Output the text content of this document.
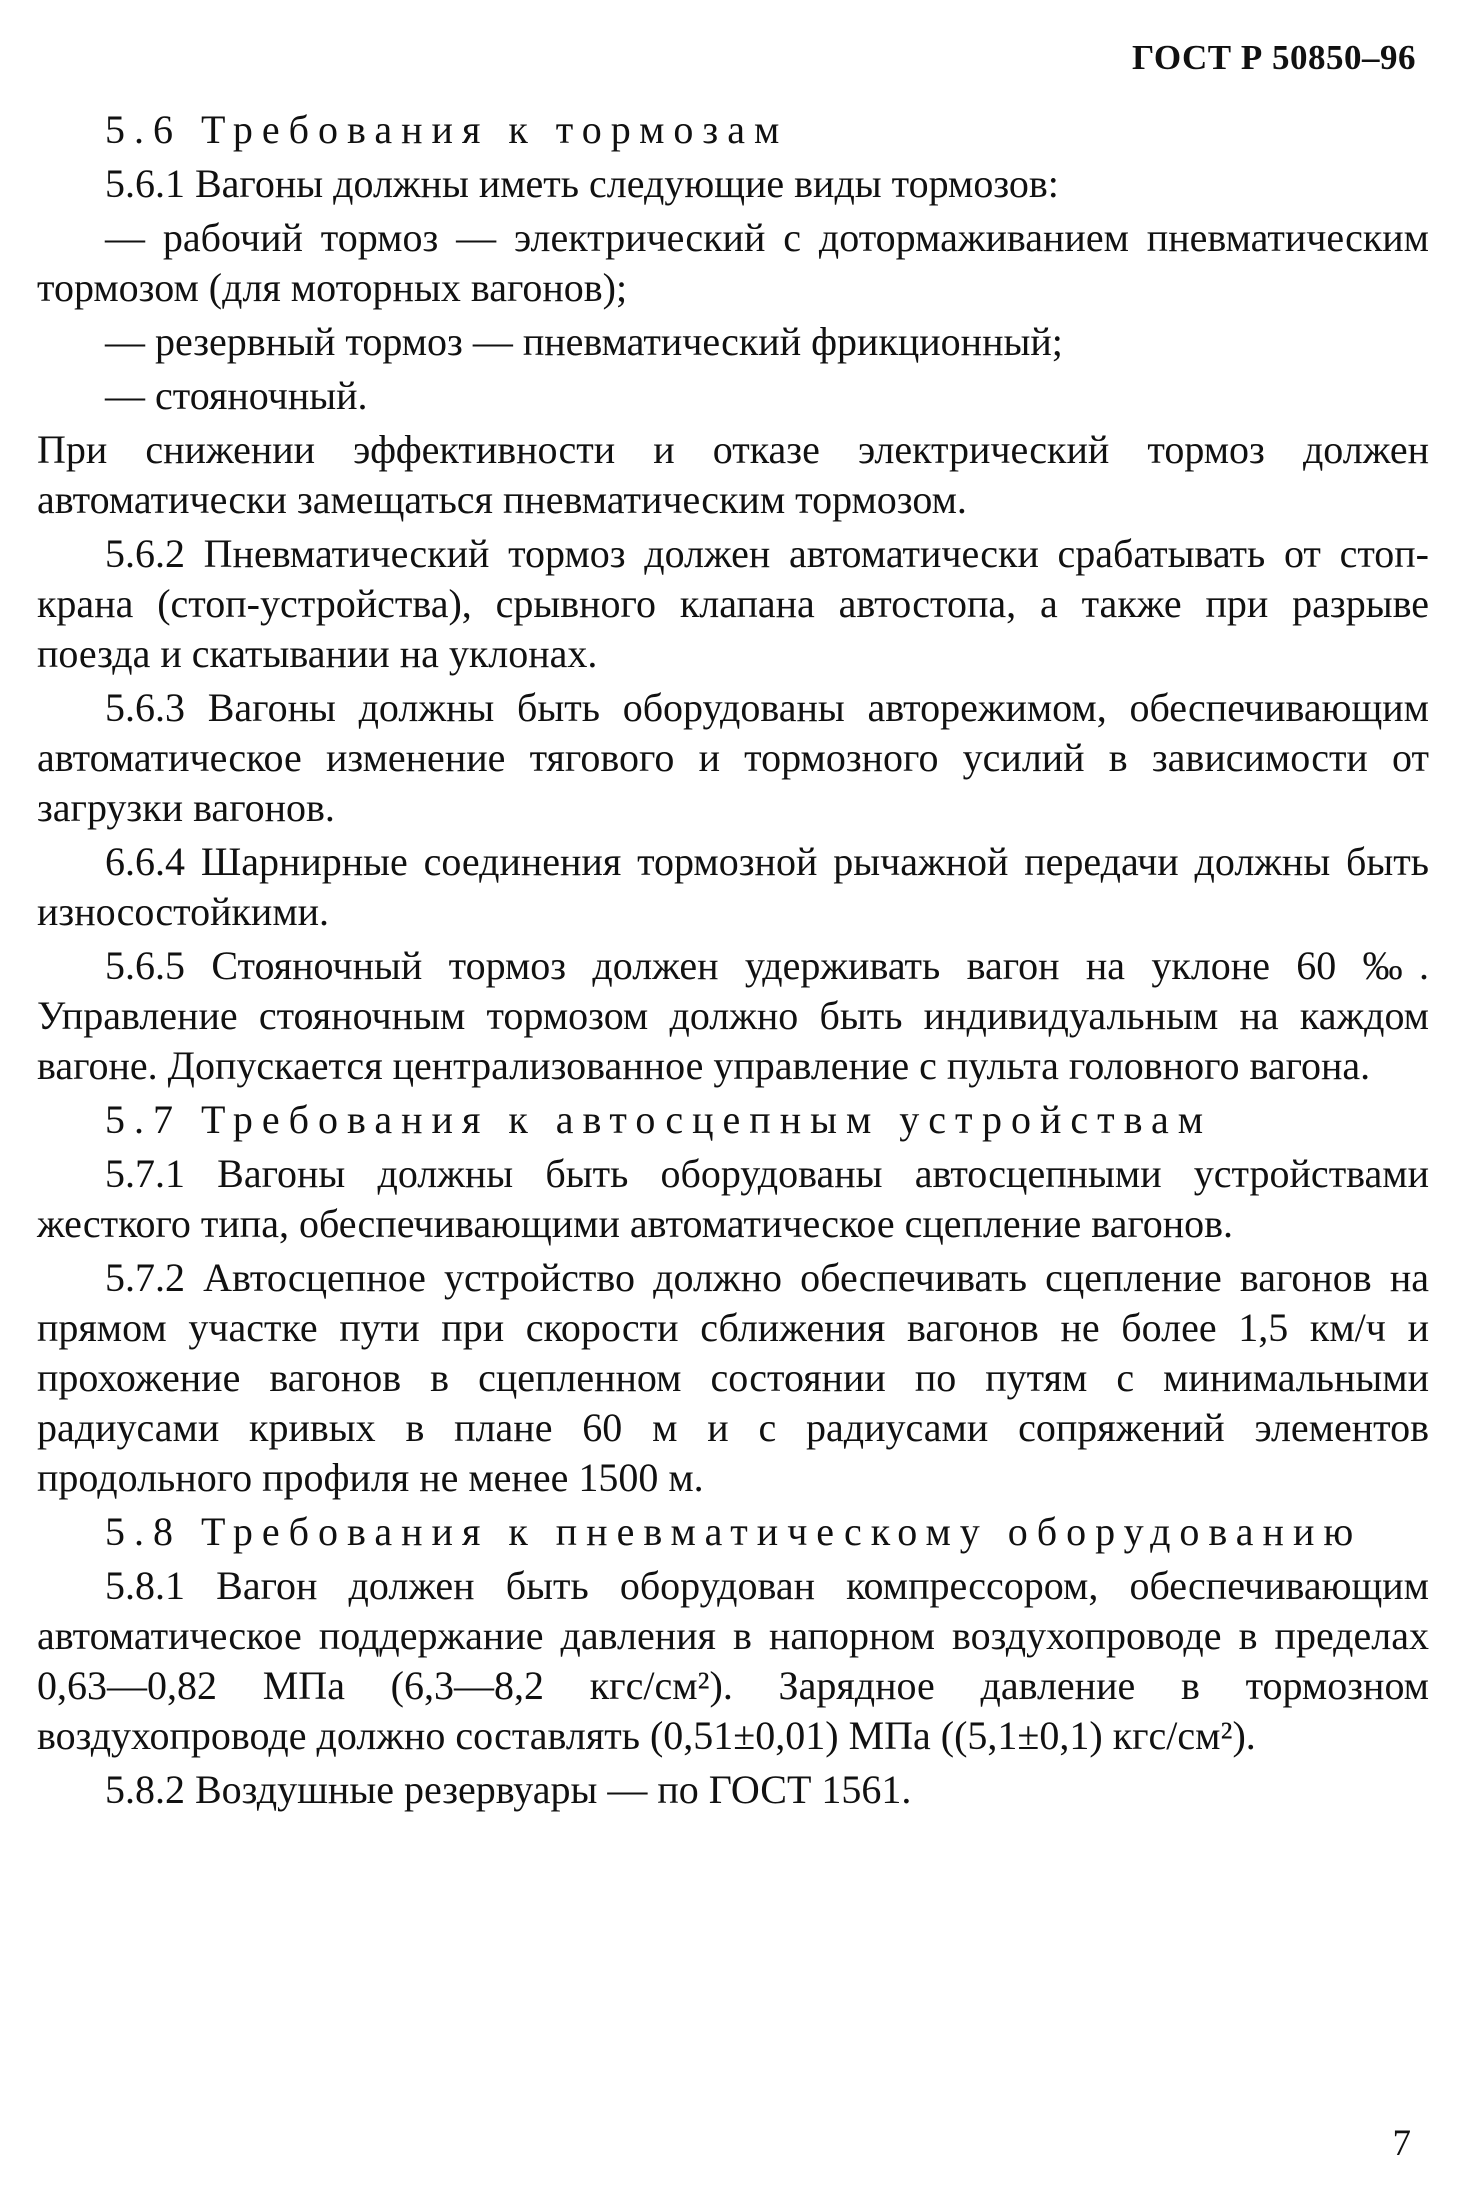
ГОСТ Р 50850–96

5.6 Требования к тормозам

5.6.1 Вагоны должны иметь следующие виды тормозов:

— рабочий тормоз — электрический с дотормаживанием пневматическим тормозом (для моторных вагонов);

— резервный тормоз — пневматический фрикционный;

— стояночный.

При снижении эффективности и отказе электрический тормоз должен автоматически замещаться пневматическим тормозом.

5.6.2 Пневматический тормоз должен автоматически срабатывать от стоп-крана (стоп-устройства), срывного клапана автостопа, а также при разрыве поезда и скатывании на уклонах.

5.6.3 Вагоны должны быть оборудованы авторежимом, обеспечивающим автоматическое изменение тягового и тормозного усилий в зависимости от загрузки вагонов.

6.6.4 Шарнирные соединения тормозной рычажной передачи должны быть износостойкими.

5.6.5 Стояночный тормоз должен удерживать вагон на уклоне 60 ‰. Управление стояночным тормозом должно быть индивидуальным на каждом вагоне. Допускается централизованное управление с пульта головного вагона.

5.7 Требования к автосцепным устройствам

5.7.1 Вагоны должны быть оборудованы автосцепными устройствами жесткого типа, обеспечивающими автоматическое сцепление вагонов.

5.7.2 Автосцепное устройство должно обеспечивать сцепление вагонов на прямом участке пути при скорости сближения вагонов не более 1,5 км/ч и прохожение вагонов в сцепленном состоянии по путям с минимальными радиусами кривых в плане 60 м и с радиусами сопряжений элементов продольного профиля не менее 1500 м.

5.8 Требования к пневматическому оборудованию

5.8.1 Вагон должен быть оборудован компрессором, обеспечивающим автоматическое поддержание давления в напорном воздухопроводе в пределах 0,63—0,82 МПа (6,3—8,2 кгс/см²). Зарядное давление в тормозном воздухопроводе должно составлять (0,51±0,01) МПа ((5,1±0,1) кгс/см²).

5.8.2 Воздушные резервуары — по ГОСТ 1561.

7
